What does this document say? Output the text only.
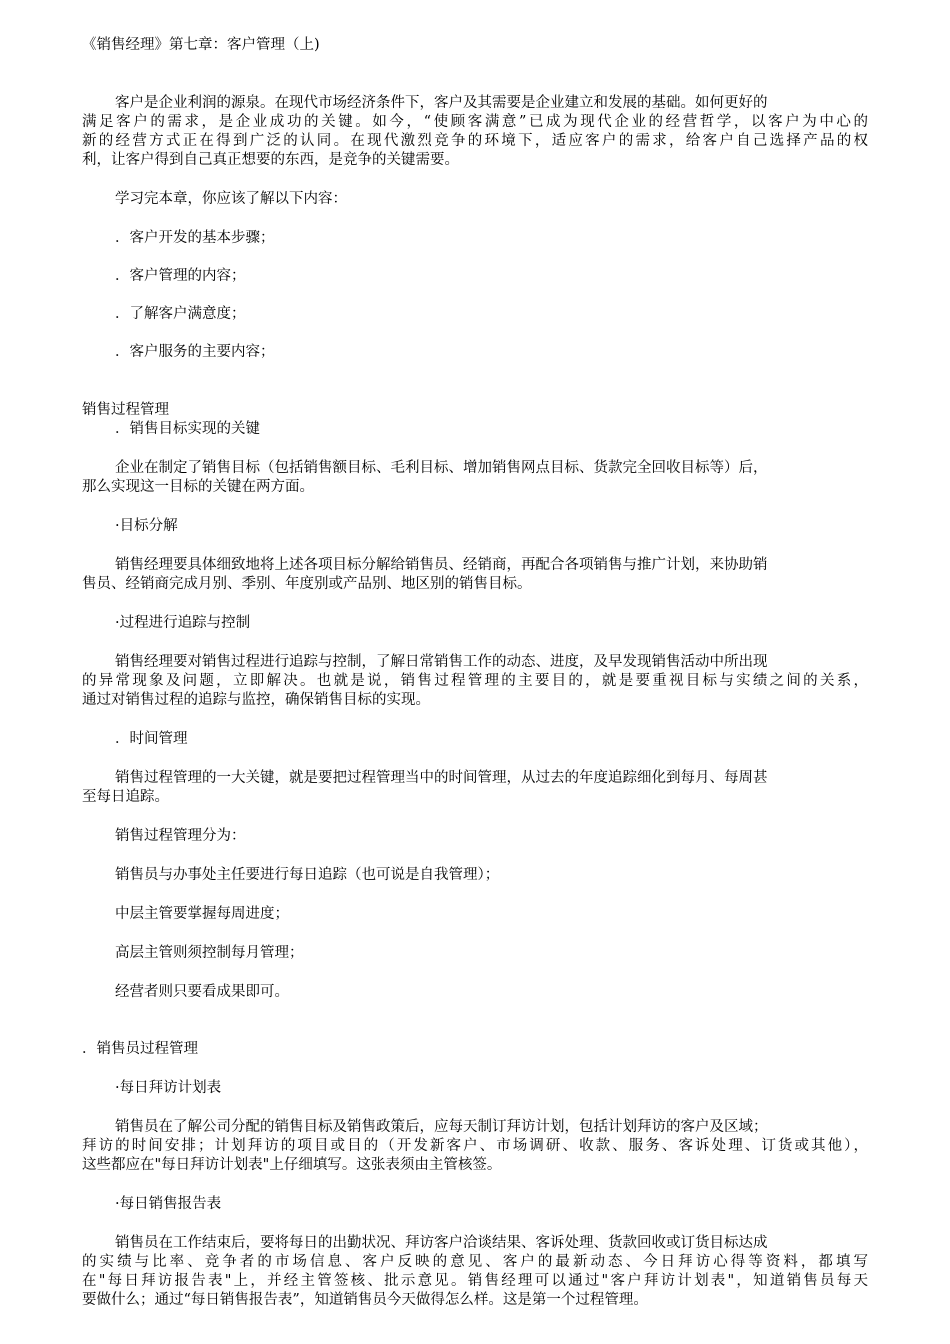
《销售经理》第七章：客户管理（上)
客户是企业利润的源泉。在现代市场经济条件下，客户及其需要是企业建立和发展的基础。如何更好的
满足客户的需求，是企业成功的关键。如今，“使顾客满意”已成为现代企业的经营哲学，以客户为中心的
新的经营方式正在得到广泛的认同。在现代激烈竞争的环境下，适应客户的需求，给客户自己选择产品的权
利，让客户得到自己真正想要的东西，是竞争的关键需要。
学习完本章，你应该了解以下内容：
．客户开发的基本步骤；
．客户管理的内容；
．了解客户满意度；
．客户服务的主要内容；
销售过程管理
．销售目标实现的关键
企业在制定了销售目标（包括销售额目标、毛利目标、增加销售网点目标、货款完全回收目标等）后，
那么实现这一目标的关键在两方面。
·目标分解
销售经理要具体细致地将上述各项目标分解给销售员、经销商，再配合各项销售与推广计划，来协助销
售员、经销商完成月别、季别、年度别或产品别、地区别的销售目标。
·过程进行追踪与控制
销售经理要对销售过程进行追踪与控制，了解日常销售工作的动态、进度，及早发现销售活动中所出现
的异常现象及问题，立即解决。也就是说，销售过程管理的主要目的，就是要重视目标与实绩之间的关系，
通过对销售过程的追踪与监控，确保销售目标的实现。
．时间管理
销售过程管理的一大关键，就是要把过程管理当中的时间管理，从过去的年度追踪细化到每月、每周甚
至每日追踪。
销售过程管理分为：
销售员与办事处主任要进行每日追踪（也可说是自我管理）；
中层主管要掌握每周进度；
高层主管则须控制每月管理；
经营者则只要看成果即可。
．销售员过程管理
·每日拜访计划表
销售员在了解公司分配的销售目标及销售政策后，应每天制订拜访计划，包括计划拜访的客户及区域；
拜访的时间安排；计划拜访的项目或目的（开发新客户、市场调研、收款、服务、客诉处理、订货或其他），
这些都应在"每日拜访计划表"上仔细填写。这张表须由主管核签。
·每日销售报告表
销售员在工作结束后，要将每日的出勤状况、拜访客户洽谈结果、客诉处理、货款回收或订货目标达成
的实绩与比率、竞争者的市场信息、客户反映的意见、客户的最新动态、今日拜访心得等资料，都填写
在"每日拜访报告表"上，并经主管签核、批示意见。销售经理可以通过"客户拜访计划表"，知道销售员每天
要做什么；通过“每日销售报告表”，知道销售员今天做得怎么样。这是第一个过程管理。
